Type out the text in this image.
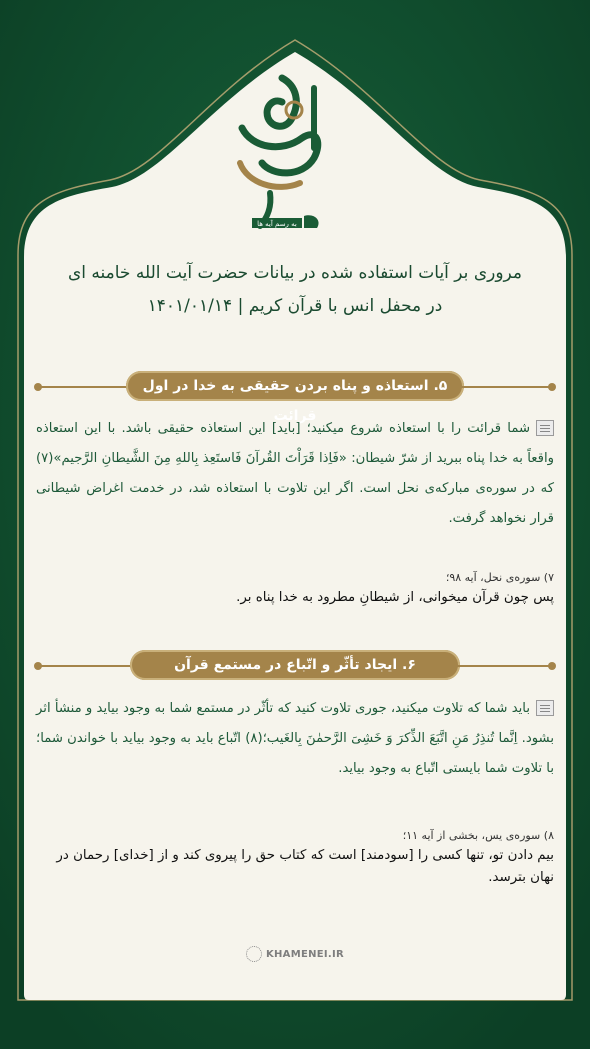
به رسم آیه ها
مروری بر آیات استفاده شده در بیانات حضرت آیت الله خامنه ای
در محفل انس با قرآن کریم | ۱۴۰۱/۰۱/۱۴
۵. استعاذه و پناه بردن حقیقی به خدا در اول قرائت
شما قرائت را با استعاذه شروع میکنید؛ [باید] این استعاذه حقیقی باشد. با این استعاذه واقعاً به خدا پناه ببرید از شرّ شیطان: «فَاِذا قَرَاْتَ القُرآنَ فَاستَعِذ بِاللهِ مِنَ الشَّیطانِ الرَّجیم»(۷) که در سوره‌ی مبارکه‌ی نحل است. اگر این تلاوت با استعاذه شد، در خدمت اغراض شیطانی قرار نخواهد گرفت.
۷) سوره‌ی نحل، آیه ۹۸؛
پس چون قرآن میخوانی، از شیطانِ مطرود به خدا پناه بر.
۶. ایجاد تأثّر و اتّباع در مستمع قرآن
باید شما که تلاوت میکنید، جوری تلاوت کنید که تأثّر در مستمع شما به وجود بیاید و منشأ اثر بشود. اِنَّما تُنذِرُ مَنِ اتَّبَعَ الذِّکرَ وَ خَشِیَ الرَّحمٰنَ بِالغَیب؛(۸) اتّباع باید به وجود بیاید با خواندن شما؛ با تلاوت شما بایستی اتّباع به وجود بیاید.
۸) سوره‌ی یس، بخشی از آیه ۱۱؛
بیم دادن تو، تنها کسی را [سودمند] است که کتاب حق را پیروی کند و از [خدای] رحمان در نهان بترسد.
KHAMENEI.IR
